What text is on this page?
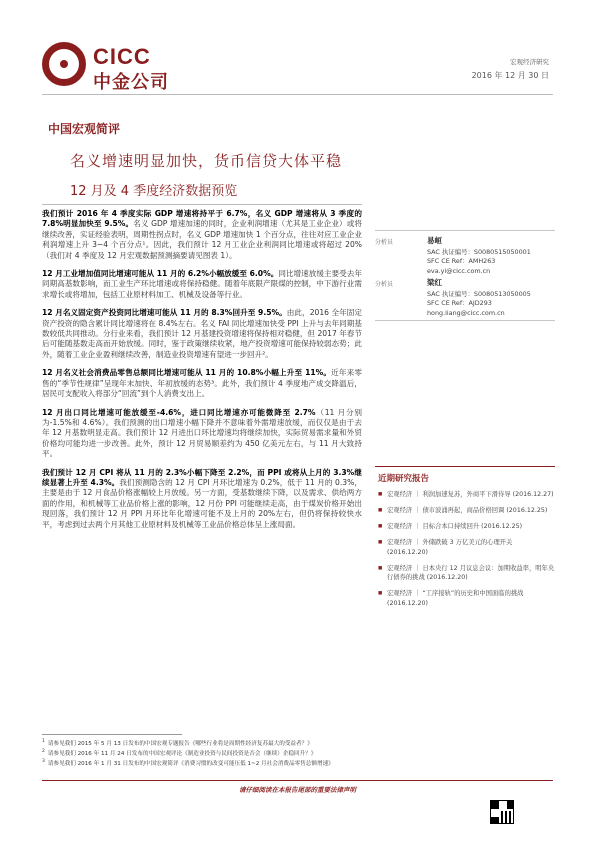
CICC
中金公司
宏观经济研究
2016 年 12 月 30 日
中国宏观简评
名义增速明显加快，货币信贷大体平稳
12 月及 4 季度经济数据预览

我们预计 2016 年 4 季度实际 GDP 增速将持平于 6.7%，名义 GDP 增速将从 3 季度的 7.8%明显加快至 9.5%。名义 GDP 增速加速的同时，企业利润增速（尤其是工业企业）或将继续改善，实证经验表明，周期性拐点时，名义 GDP 增速加快 1 个百分点，往往对应工业企业利润增速上升 3~4 个百分点¹。因此，我们预计 12 月工业企业利润同比增速或将超过 20%（我们对 4 季度及 12 月宏观数据预测摘要请见图表 1）。

12 月工业增加值同比增速可能从 11 月的 6.2%小幅放缓至 6.0%。同比增速放缓主要受去年同期高基数影响，而工业生产环比增速或将保持稳健。随着年底限产限煤的控制，中下游行业需求增长或将增加，包括工业原材料加工、机械及设备等行业。

12 月名义固定资产投资同比增速可能从 11 月的 8.3%回升至 9.5%。由此，2016 全年固定资产投资的隐含累计同比增速将在 8.4%左右。名义 FAI 同比增速加快受 PPI 上升与去年同期基数较低共同推动。分行业来看，我们预计 12 月基建投资增速将保持相对稳健，但 2017 年春节后可能随基数走高而开始放缓。同时，鉴于政策继续收紧，地产投资增速可能保持较弱态势；此外，随着工业企业盈利继续改善，制造业投资增速有望进一步回升²。

12 月名义社会消费品零售总额同比增速可能从 11 月的 10.8%小幅上升至 11%。近年来零售的“季节性规律”呈现年末加快、年初放缓的态势³。此外，我们预计 4 季度地产成交降温后，居民可支配收入将部分“回流”到个人消费支出上。

12 月出口同比增速可能放缓至-4.6%，进口同比增速亦可能微降至 2.7%（11 月分别为-1.5%和 4.6%）。我们预测的出口增速小幅下降并不意味着外需增速放缓，而仅仅是由于去年 12 月基数明显走高。我们预计 12 月进出口环比增速均将继续加快，实际贸易需求量和外贸价格均可能均进一步改善。此外，预计 12 月贸易顺差约为 450 亿美元左右，与 11 月大致持平。

我们预计 12 月 CPI 将从 11 月的 2.3%小幅下降至 2.2%，而 PPI 或将从上月的 3.3%继续显著上升至 4.3%。我们预测隐含的 12 月 CPI 月环比增速为 0.2%，低于 11 月的 0.3%，主要是由于 12 月食品价格涨幅较上月放缓。另一方面，受基数继续下降，以及需求、供给两方面的作用，和机械等工业品价格上涨的影响，12 月份 PPI 可能继续走高，由于煤炭价格开始出现回落，我们预计 12 月 PPI 月环比年化增速可能不及上月的 20%左右，但仍将保持较快水平，考虑到过去两个月其他工业原材料及机械等工业品价格总体呈上涨局面。

分析员	易峘
SAC 执证编号：S0080515050001
SFC CE Ref：AMH263
eva.yi@cicc.com.cn
分析员	梁红
SAC 执证编号：S0080513050005
SFC CE Ref：AJD293
hong.liang@cicc.com.cn
近期研究报告
■ 宏观经济 ｜ 利润加速复苏，外商平下滑待导 (2016.12.27)
■ 宏观经济 ｜ 债市波涌再起，商品价格回调 (2016.12.25)
■ 宏观经济 ｜ 目标合本口持续回升 (2016.12.25)
■ 宏观经济 ｜ 外储跌破 3 万亿美元的心理开关 (2016.12.20)
■ 宏观经济 ｜ 日本央行 12 月议息会议：加期收益率，明年央行债券的挑战 (2016.12.20)
■ 宏观经济 ｜ “工序接轨”的历史和中国面临的挑战 (2016.12.20)
$^1$ 请参见我们 2015 年 5 月 13 日发布的中国宏观专题报告《哪些行业将是周期性经济复苏最大的受益者？》
$^2$ 请参见我们 2016 年 11 月 24 日发布的中国宏观评论《制造业投资与民间投资是否会（继续）企稳回升？》
$^3$ 请参见我们 2016 年 1 月 31 日发布的中国宏观简评《消费习惯的改变可能压低 1~2 月社会消费品零售总额增速》
请仔细阅读在本报告尾部的重要法律声明
